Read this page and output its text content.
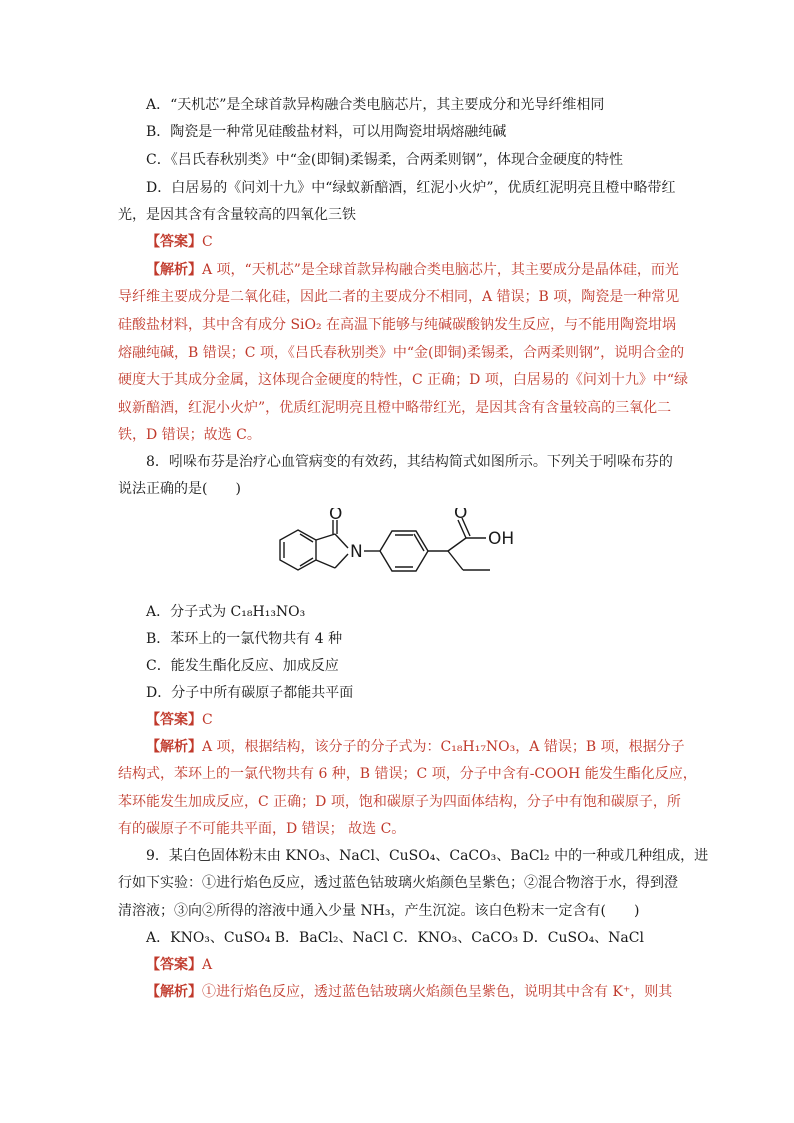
A．“天机芯”是全球首款异构融合类电脑芯片，其主要成分和光导纤维相同
B．陶瓷是一种常见硅酸盐材料，可以用陶瓷坩埚熔融纯碱
C．《吕氏春秋别类》中“金(即铜)柔锡柔，合两柔则钢”，体现合金硬度的特性
D．白居易的《问刘十九》中“绿蚁新醅酒，红泥小火炉”，优质红泥明亮且橙中略带红
光，是因其含有含量较高的四氧化三铁
【答案】C
【解析】A 项，“天机芯”是全球首款异构融合类电脑芯片，其主要成分是晶体硅，而光
导纤维主要成分是二氧化硅，因此二者的主要成分不相同，A 错误；B 项，陶瓷是一种常见
硅酸盐材料，其中含有成分 SiO₂ 在高温下能够与纯碱碳酸钠发生反应，与不能用陶瓷坩埚
熔融纯碱，B 错误；C 项，《吕氏春秋别类》中“金(即铜)柔锡柔，合两柔则钢”，说明合金的
硬度大于其成分金属，这体现合金硬度的特性，C 正确；D 项，白居易的《问刘十九》中“绿
蚁新醅酒，红泥小火炉”，优质红泥明亮且橙中略带红光，是因其含有含量较高的三氧化二
铁，D 错误；故选 C。
8．吲哚布芬是治疗心血管病变的有效药，其结构简式如图所示。下列关于吲哚布芬的
说法正确的是(　　)
O
N
O
OH
A．分子式为 C₁₈H₁₃NO₃
B．苯环上的一氯代物共有 4 种
C．能发生酯化反应、加成反应
D．分子中所有碳原子都能共平面
【答案】C
【解析】A 项，根据结构，该分子的分子式为：C₁₈H₁₇NO₃，A 错误；B 项，根据分子
结构式，苯环上的一氯代物共有 6 种，B 错误；C 项，分子中含有-COOH 能发生酯化反应，
苯环能发生加成反应，C 正确；D 项，饱和碳原子为四面体结构，分子中有饱和碳原子，所
有的碳原子不可能共平面，D 错误； 故选 C。
9．某白色固体粉末由 KNO₃、NaCl、CuSO₄、CaCO₃、BaCl₂ 中的一种或几种组成，进
行如下实验：①进行焰色反应，透过蓝色钴玻璃火焰颜色呈紫色；②混合物溶于水，得到澄
清溶液；③向②所得的溶液中通入少量 NH₃，产生沉淀。该白色粉末一定含有(　　)
A．KNO₃、CuSO₄ B．BaCl₂、NaCl C．KNO₃、CaCO₃ D．CuSO₄、NaCl
【答案】A
【解析】①进行焰色反应，透过蓝色钴玻璃火焰颜色呈紫色，说明其中含有 K⁺，则其
